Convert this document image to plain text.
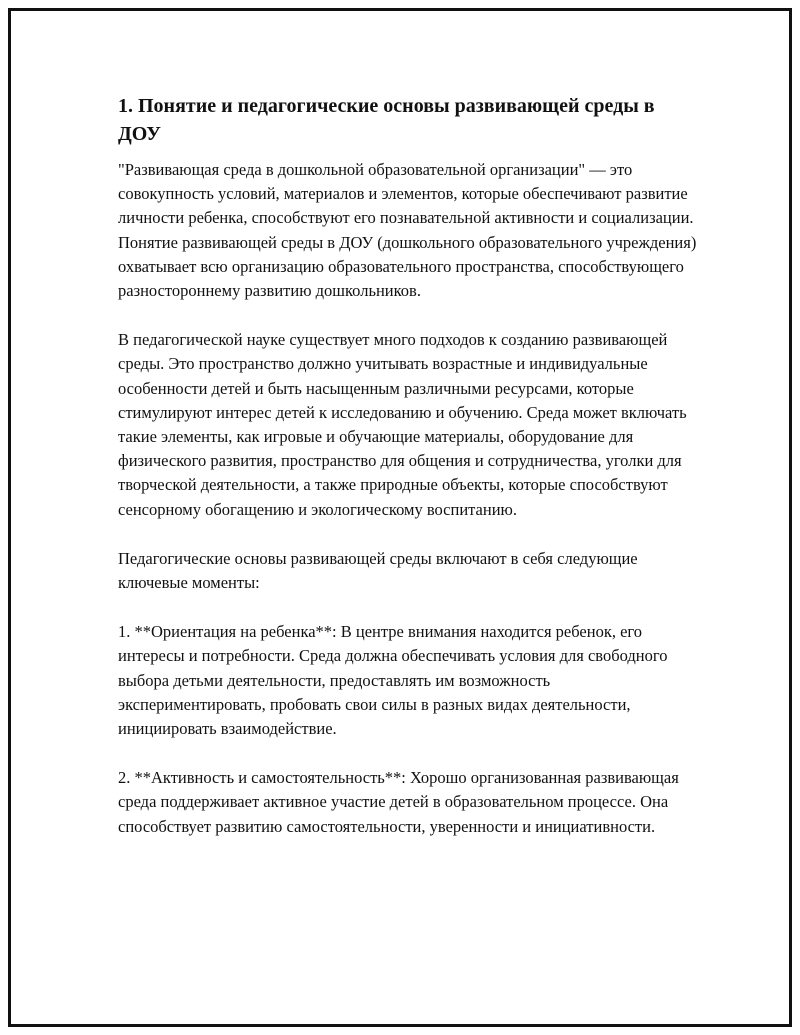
1. Понятие и педагогические основы развивающей среды в ДОУ

"Развивающая среда в дошкольной образовательной организации" — это совокупность условий, материалов и элементов, которые обеспечивают развитие личности ребенка, способствуют его познавательной активности и социализации. Понятие развивающей среды в ДОУ (дошкольного образовательного учреждения) охватывает всю организацию образовательного пространства, способствующего разностороннему развитию дошкольников.

В педагогической науке существует много подходов к созданию развивающей среды. Это пространство должно учитывать возрастные и индивидуальные особенности детей и быть насыщенным различными ресурсами, которые стимулируют интерес детей к исследованию и обучению. Среда может включать такие элементы, как игровые и обучающие материалы, оборудование для физического развития, пространство для общения и сотрудничества, уголки для творческой деятельности, а также природные объекты, которые способствуют сенсорному обогащению и экологическому воспитанию.

Педагогические основы развивающей среды включают в себя следующие ключевые моменты:

1. **Ориентация на ребенка**: В центре внимания находится ребенок, его интересы и потребности. Среда должна обеспечивать условия для свободного выбора детьми деятельности, предоставлять им возможность экспериментировать, пробовать свои силы в разных видах деятельности, инициировать взаимодействие.

2. **Активность и самостоятельность**: Хорошо организованная развивающая среда поддерживает активное участие детей в образовательном процессе. Она способствует развитию самостоятельности, уверенности и инициативности.
